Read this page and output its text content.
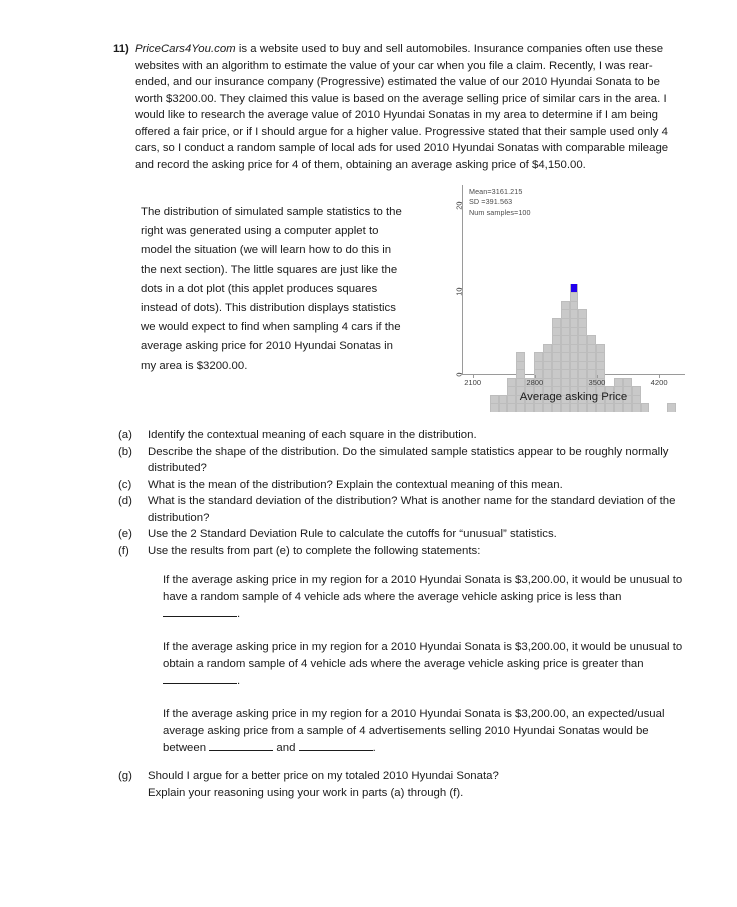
11) PriceCars4You.com is a website used to buy and sell automobiles. Insurance companies often use these websites with an algorithm to estimate the value of your car when you file a claim. Recently, I was rear-ended, and our insurance company (Progressive) estimated the value of our 2010 Hyundai Sonata to be worth $3200.00. They claimed this value is based on the average selling price of similar cars in the area. I would like to research the average value of 2010 Hyundai Sonatas in my area to determine if I am being offered a fair price, or if I should argue for a higher value. Progressive stated that their sample used only 4 cars, so I conduct a random sample of local ads for used 2010 Hyundai Sonatas with comparable mileage and record the asking price for 4 of them, obtaining an average asking price of $4,150.00.
The distribution of simulated sample statistics to the right was generated using a computer applet to model the situation (we will learn how to do this in the next section). The little squares are just like the dots in a dot plot (this applet produces squares instead of dots). This distribution displays statistics we would expect to find when sampling 4 cars if the average asking price for 2010 Hyundai Sonatas in my area is $3200.00.
Mean=3161.215
SD =391.563
Num samples=100
0
10
20
2100	2800	3500	4200
Average asking Price
(a)	Identify the contextual meaning of each square in the distribution.
(b)	Describe the shape of the distribution. Do the simulated sample statistics appear to be roughly normally distributed?
(c)	What is the mean of the distribution? Explain the contextual meaning of this mean.
(d)	What is the standard deviation of the distribution? What is another name for the standard deviation of the distribution?
(e)	Use the 2 Standard Deviation Rule to calculate the cutoffs for “unusual” statistics.
(f)	Use the results from part (e) to complete the following statements:
If the average asking price in my region for a 2010 Hyundai Sonata is $3,200.00, it would be unusual to have a random sample of 4 vehicle ads where the average vehicle asking price is less than .
If the average asking price in my region for a 2010 Hyundai Sonata is $3,200.00, it would be unusual to obtain a random sample of 4 vehicle ads where the average vehicle asking price is greater than .
If the average asking price in my region for a 2010 Hyundai Sonata is $3,200.00, an expected/usual average asking price from a sample of 4 advertisements selling 2010 Hyundai Sonatas would be between	and	.
(g)	Should I argue for a better price on my totaled 2010 Hyundai Sonata?
Explain your reasoning using your work in parts (a) through (f).
